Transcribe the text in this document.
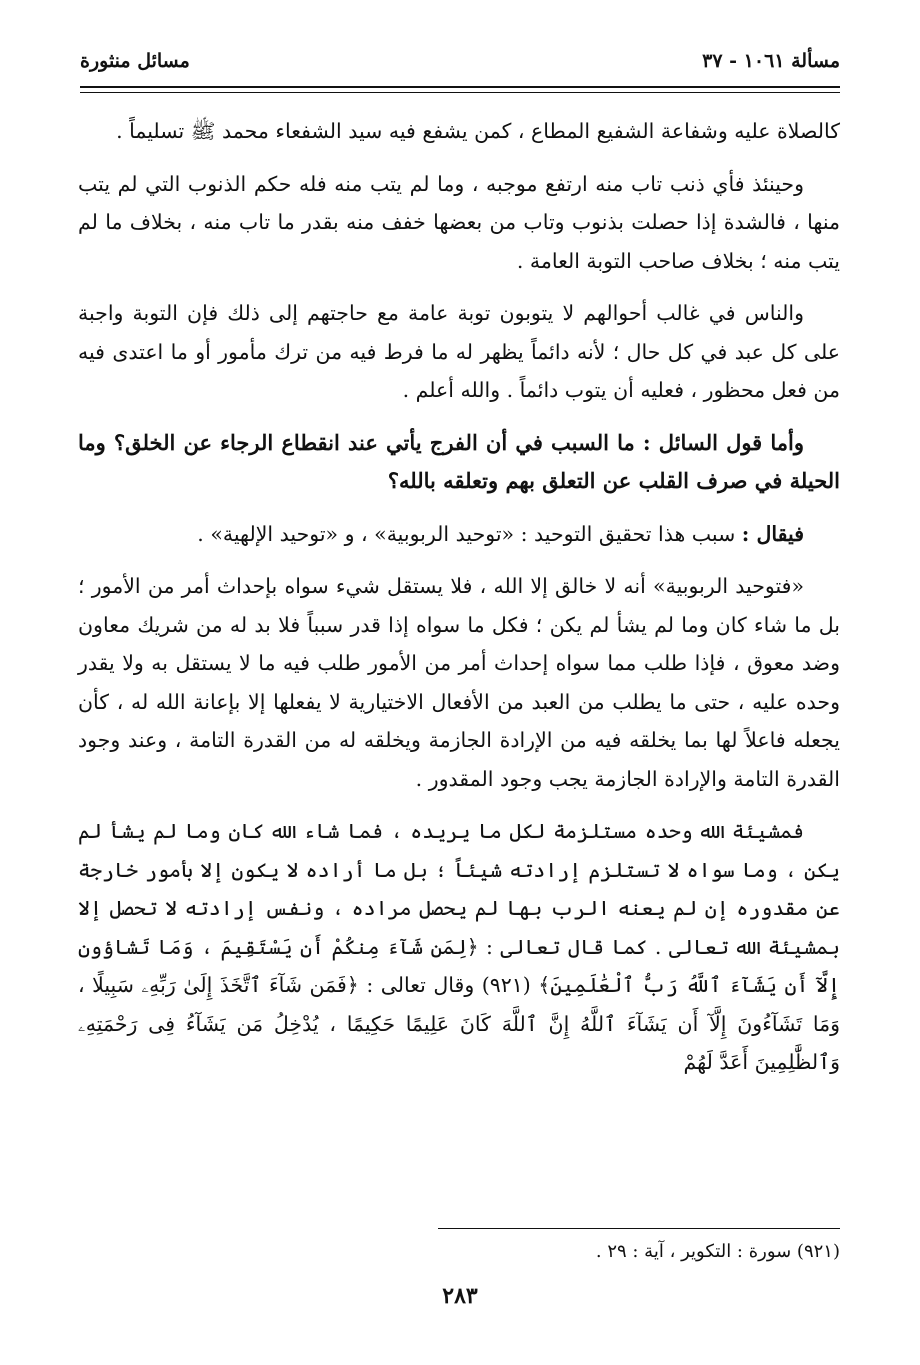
مسألة ١٠٦١ - ٣٧
مسائل منثورة

كالصلاة عليه وشفاعة الشفيع المطاع ، كمن يشفع فيه سيد الشفعاء محمد ﷺ تسليماً .

وحينئذ فأي ذنب تاب منه ارتفع موجبه ، وما لم يتب منه فله حكم الذنوب التي لم يتب منها ، فالشدة إذا حصلت بذنوب وتاب من بعضها خفف منه بقدر ما تاب منه ، بخلاف ما لم يتب منه ؛ بخلاف صاحب التوبة العامة .

والناس في غالب أحوالهم لا يتوبون توبة عامة مع حاجتهم إلى ذلك فإن التوبة واجبة على كل عبد في كل حال ؛ لأنه دائماً يظهر له ما فرط فيه من ترك مأمور أو ما اعتدى فيه من فعل محظور ، فعليه أن يتوب دائماً . والله أعلم .

وأما قول السائل : ما السبب في أن الفرج يأتي عند انقطاع الرجاء عن الخلق؟ وما الحيلة في صرف القلب عن التعلق بهم وتعلقه بالله؟

فيقال : سبب هذا تحقيق التوحيد : «توحيد الربوبية» ، و «توحيد الإلهية» .

«فتوحيد الربوبية» أنه لا خالق إلا الله ، فلا يستقل شيء سواه بإحداث أمر من الأمور ؛ بل ما شاء كان وما لم يشأ لم يكن ؛ فكل ما سواه إذا قدر سبباً فلا بد له من شريك معاون وضد معوق ، فإذا طلب مما سواه إحداث أمر من الأمور طلب فيه ما لا يستقل به ولا يقدر وحده عليه ، حتى ما يطلب من العبد من الأفعال الاختيارية لا يفعلها إلا بإعانة الله له ، كأن يجعله فاعلاً لها بما يخلقه فيه من الإرادة الجازمة ويخلقه له من القدرة التامة ، وعند وجود القدرة التامة والإرادة الجازمة يجب وجود المقدور .

فمشيئة الله وحده مستلزمة لكل ما يريده ، فما شاء الله كان وما لم يشأ لم يكن ، وما سواه لا تستلزم إرادته شيئاً ؛ بل ما أراده لا يكون إلا بأمور خارجة عن مقدوره إن لم يعنه الرب بها لم يحصل مراده ، ونفس إرادته لا تحصل إلا بمشيئة الله تعالى . كما قال تعالى : ﴿لِمَن شَآءَ مِنكُمْ أَن يَسْتَقِيمَ ، وَمَا تَشاؤون إِلَّآ أَن يَشَآءَ ٱللَّهُ رَبُّ ٱلْعَٰلَمِينَ﴾ (٩٢١) وقال تعالى : ﴿فَمَن شَآءَ ٱتَّخَذَ إِلَىٰ رَبِّهِۦ سَبِيلًا ، وَمَا تَشَآءُونَ إِلَّآ أَن يَشَآءَ ٱللَّهُ إِنَّ ٱللَّهَ كَانَ عَلِيمًا حَكِيمًا ، يُدْخِلُ مَن يَشَآءُ فِى رَحْمَتِهِۦ وَٱلظَّٰلِمِينَ أَعَدَّ لَهُمْ

(٩٢١) سورة : التكوير ، آية : ٢٩ .
٢٨٣
